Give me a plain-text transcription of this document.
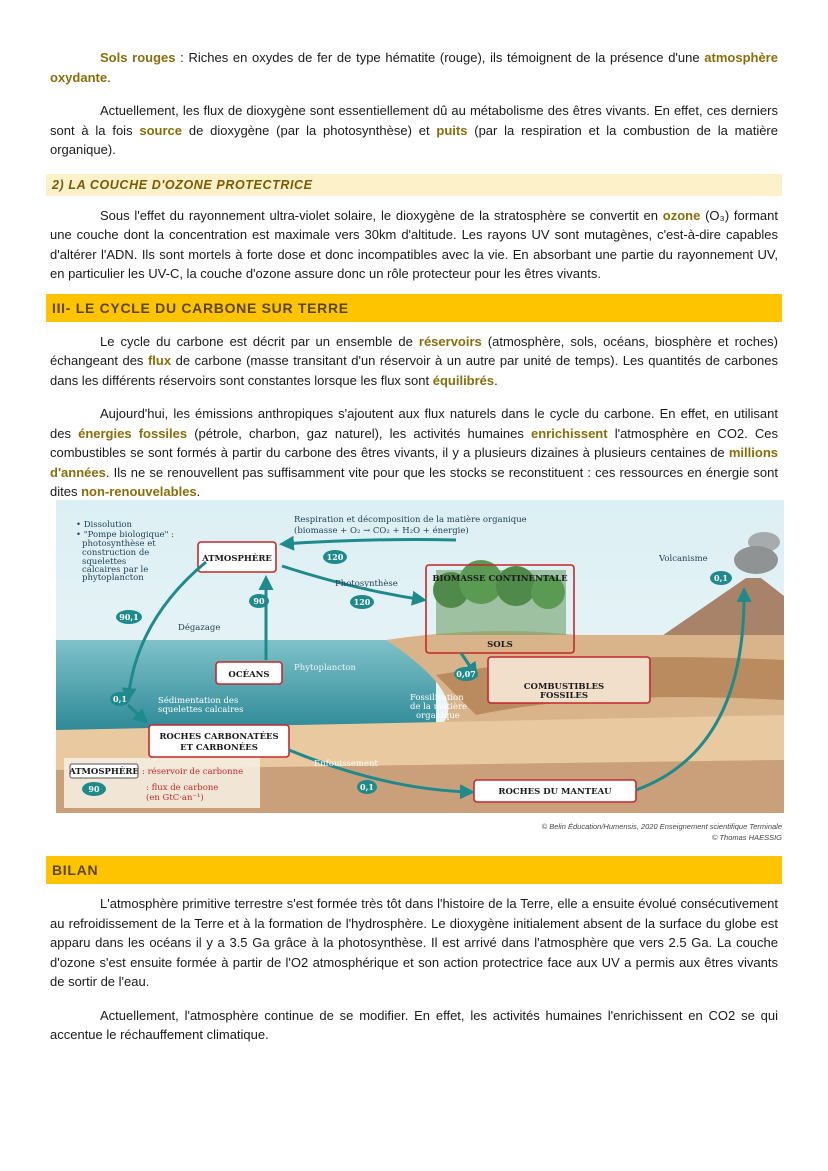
Sols rouges : Riches en oxydes de fer de type hématite (rouge), ils témoignent de la présence d'une atmosphère oxydante.

Actuellement, les flux de dioxygène sont essentiellement dû au métabolisme des êtres vivants. En effet, ces derniers sont à la fois source de dioxygène (par la photosynthèse) et puits (par la respiration et la combustion de la matière organique).

2) LA COUCHE D'OZONE PROTECTRICE

Sous l'effet du rayonnement ultra-violet solaire, le dioxygène de la stratosphère se convertit en ozone (O₃) formant une couche dont la concentration est maximale vers 30km d'altitude. Les rayons UV sont mutagènes, c'est-à-dire capables d'altérer l'ADN. Ils sont mortels à forte dose et donc incompatibles avec la vie. En absorbant une partie du rayonnement UV, en particulier les UV-C, la couche d'ozone assure donc un rôle protecteur pour les êtres vivants.

III- LE CYCLE DU CARBONE SUR TERRE

Le cycle du carbone est décrit par un ensemble de réservoirs (atmosphère, sols, océans, biosphère et roches) échangeant des flux de carbone (masse transitant d'un réservoir à un autre par unité de temps). Les quantités de carbones dans les différents réservoirs sont constantes lorsque les flux sont équilibrés.

Aujourd'hui, les émissions anthropiques s'ajoutent aux flux naturels dans le cycle du carbone. En effet, en utilisant des énergies fossiles (pétrole, charbon, gaz naturel), les activités humaines enrichissent l'atmosphère en CO2. Ces combustibles se sont formés à partir du carbone des êtres vivants, il y a plusieurs dizaines à plusieurs centaines de millions d'années. Ils ne se renouvellent pas suffisamment vite pour que les stocks se reconstituent : ces ressources en énergie sont dites non-renouvelables.

• Dissolution
• "Pompe biologique" :
photosynthèse et
construction de
squelettes
calcaires par le
phytoplancton
Respiration et décomposition de la matière organique
(biomasse + O₂ → CO₂ + H₂O + énergie)
Photosynthèse
Volcanisme
Dégazage
Phytoplancton
Fossilisation
de la matière
organique
Sédimentation des
squelettes calcaires
Enfouissement
: réservoir de carbonne
: flux de carbone
(en GtC·an⁻¹)
ATMOSPHÈRE
BIOMASSE CONTINENTALE
SOLS
OCÉANS
COMBUSTIBLES
FOSSILES
ROCHES CARBONATÉES
ET CARBONÉES
ROCHES DU MANTEAU
ATMOSPHÈRE
120
120
0,1
90,1
90
0,07
0,1
0,1
90
© Belin Éducation/Humensis, 2020 Enseignement scientifique Terminale
© Thomas HAESSIG
BILAN

L'atmosphère primitive terrestre s'est formée très tôt dans l'histoire de la Terre, elle a ensuite évolué consécutivement au refroidissement de la Terre et à la formation de l'hydrosphère. Le dioxygène initialement absent de la surface du globe est apparu dans les océans il y a 3.5 Ga grâce à la photosynthèse. Il est arrivé dans l'atmosphère que vers 2.5 Ga. La couche d'ozone s'est ensuite formée à partir de l'O2 atmosphérique et son action protectrice face aux UV a permis aux êtres vivants de sortir de l'eau.

Actuellement, l'atmosphère continue de se modifier. En effet, les activités humaines l'enrichissent en CO2 se qui accentue le réchauffement climatique.
